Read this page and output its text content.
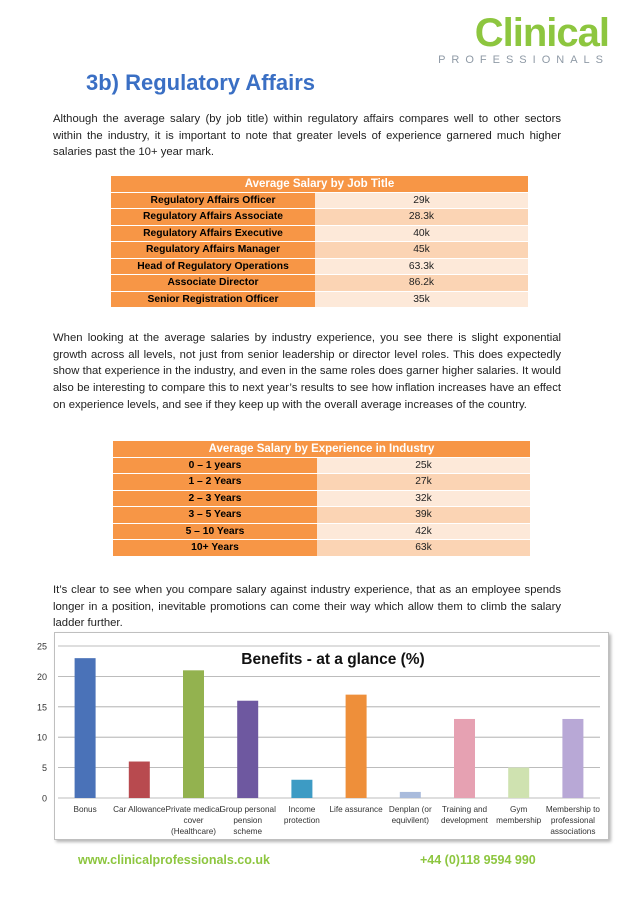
Clinical
PROFESSIONALS
3b) Regulatory Affairs

Although the average salary (by job title) within regulatory affairs compares well to other sectors within the industry, it is important to note that greater levels of experience garnered much higher salaries past the 10+ year mark.

Average Salary by Job Title	
Regulatory Affairs Officer	29k
Regulatory Affairs Associate	28.3k
Regulatory Affairs Executive	40k
Regulatory Affairs Manager	45k
Head of Regulatory Operations	63.3k
Associate Director	86.2k
Senior Registration Officer	35k

When looking at the average salaries by industry experience, you see there is slight exponential growth across all levels, not just from senior leadership or director level roles. This does expectedly show that experience in the industry, and even in the same roles does garner higher salaries. It would also be interesting to compare this to next year’s results to see how inflation increases have an effect on experience levels, and see if they keep up with the overall average increases of the country.

Average Salary by Experience in Industry	
0 – 1 years	25k
1 – 2 Years	27k
2 – 3 Years	32k
3 – 5 Years	39k
5 – 10 Years	42k
10+ Years	63k

It’s clear to see when you compare salary against industry experience, that as an employee spends longer in a position, inevitable promotions can come their way which allow them to climb the salary ladder further.

0
5
10
15
20
25
Benefits - at a glance (%)
Bonus Car Allowance Private medical
cover
(Healthcare)
Group personal
pension
scheme
Income
protection
Life assurance Denplan (or
equivilent)
Training and
development
Gym
membership
Membership to
professional
associations
www.clinicalprofessionals.co.uk	+44 (0)118 9594 990
